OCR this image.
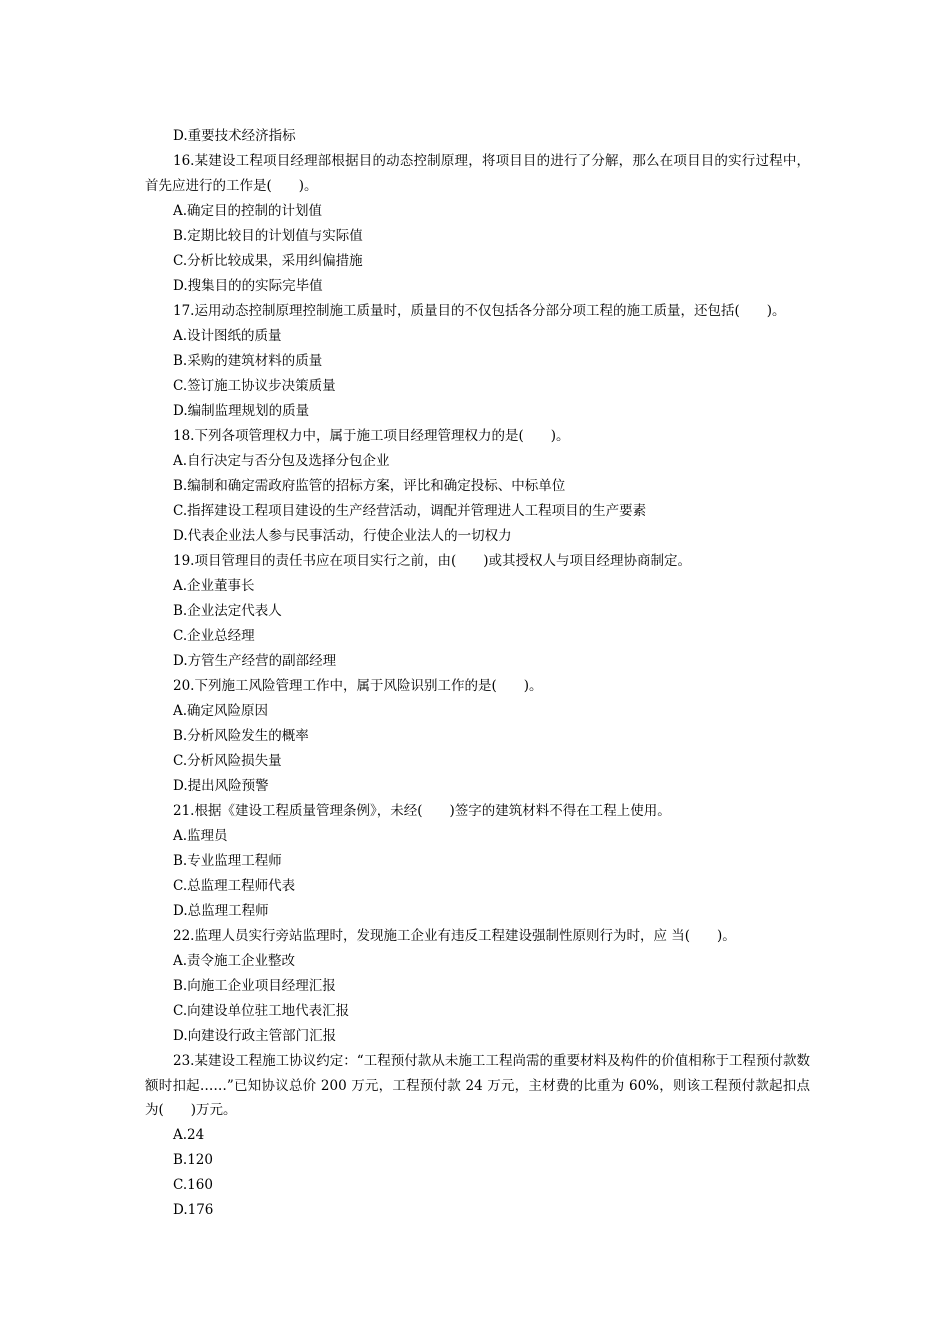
D.重要技术经济指标
16.某建设工程项目经理部根据目的动态控制原理，将项目目的进行了分解，那么在项目目的实行过程中，首先应进行的工作是(　　)。
A.确定目的控制的计划值
B.定期比较目的计划值与实际值
C.分析比较成果，采用纠偏措施
D.搜集目的的实际完毕值
17.运用动态控制原理控制施工质量时，质量目的不仅包括各分部分项工程的施工质量，还包括(　　)。
A.设计图纸的质量
B.采购的建筑材料的质量
C.签订施工协议步决策质量
D.编制监理规划的质量
18.下列各项管理权力中，属于施工项目经理管理权力的是(　　)。
A.自行决定与否分包及选择分包企业
B.编制和确定需政府监管的招标方案，评比和确定投标、中标单位
C.指挥建设工程项目建设的生产经营活动，调配并管理进人工程项目的生产要素
D.代表企业法人参与民事活动，行使企业法人的一切权力
19.项目管理目的责任书应在项目实行之前，由(　　)或其授权人与项目经理协商制定。
A.企业董事长
B.企业法定代表人
C.企业总经理
D.方管生产经营的副部经理
20.下列施工风险管理工作中，属于风险识别工作的是(　　)。
A.确定风险原因
B.分析风险发生的概率
C.分析风险损失量
D.提出风险预警
21.根据《建设工程质量管理条例》，未经(　　)签字的建筑材料不得在工程上使用。
A.监理员
B.专业监理工程师
C.总监理工程师代表
D.总监理工程师
22.监理人员实行旁站监理时，发现施工企业有违反工程建设强制性原则行为时，应 当(　　)。
A.责令施工企业整改
B.向施工企业项目经理汇报
C.向建设单位驻工地代表汇报
D.向建设行政主管部门汇报
23.某建设工程施工协议约定：“工程预付款从未施工工程尚需的重要材料及构件的价值相称于工程预付款数额时扣起……”已知协议总价 200 万元，工程预付款 24 万元，主材费的比重为 60%，则该工程预付款起扣点为(　　)万元。
A.24
B.120
C.160
D.176
